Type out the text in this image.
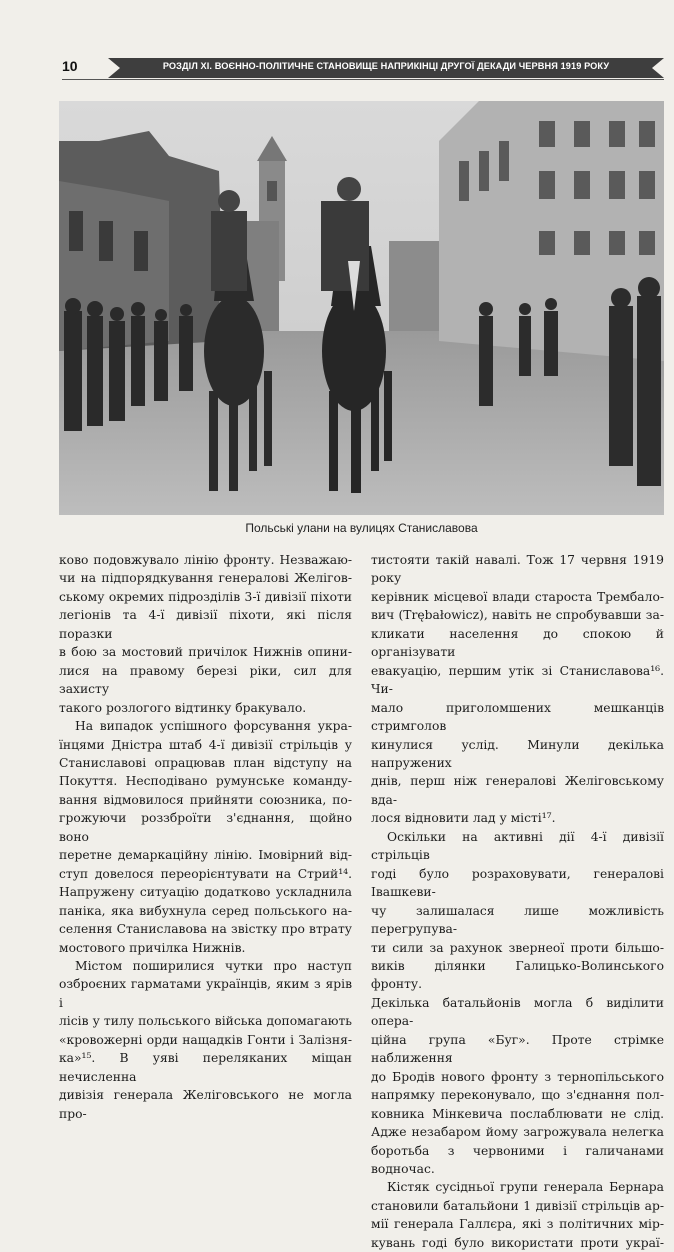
10	РОЗДІЛ ХІ. ВОЄННО-ПОЛІТИЧНЕ СТАНОВИЩЕ НАПРИКІНЦІ ДРУГОЇ ДЕКАДИ ЧЕРВНЯ 1919 РОКУ
Польські улани на вулицях Станиславова

ково подовжувало лінію фронту. Незважаю-

чи на підпорядкування генералові Желігов-

ському окремих підрозділів 3-ї дивізії піхоти

легіонів та 4-ї дивізії піхоти, які після поразки

в бою за мостовий причілок Нижнів опини-

лися на правому березі ріки, сил для захисту

такого розлогого відтинку бракувало.

На випадок успішного форсування укра-

їнцями Дністра штаб 4-ї дивізії стрільців у

Станиславові опрацював план відступу на

Покуття. Несподівано румунське команду-

вання відмовилося прийняти союзника, по-

грожуючи роззброїти з'єднання, щойно воно

перетне демаркаційну лінію. Імовірний від-

ступ довелося переорієнтувати на Стрий¹⁴.

Напружену ситуацію додатково ускладнила

паніка, яка вибухнула серед польського на-

селення Станиславова на звістку про втрату

мостового причілка Нижнів.

Містом поширилися чутки про наступ

озброєних гарматами українців, яким з ярів і

лісів у тилу польського війська допомагають

«кровожерні орди нащадків Гонти і Залізня-

ка»¹⁵. В уяві переляканих міщан нечисленна

дивізія генерала Желіговського не могла про-

тистояти такій навалі. Тож 17 червня 1919 року

керівник місцевої влади староста Трембало-

вич (Trębałowicz), навіть не спробувавши за-

кликати населення до спокою й організувати

евакуацію, першим утік зі Станиславова¹⁶. Чи-

мало приголомшених мешканців стримголов

кинулися услід. Минули декілька напружених

днів, перш ніж генералові Желіговському вда-

лося відновити лад у місті¹⁷.

Оскільки на активні дії 4-ї дивізії стрільців

годі було розраховувати, генералові Івашкеви-

чу залишалася лише можливість перегрупува-

ти сили за рахунок звернеої проти більшо-

виків ділянки Галицько-Волинського фронту.

Декілька батальйонів могла б виділити опера-

ційна група «Буг». Проте стрімке наближення

до Бродів нового фронту з тернопільського

напрямку переконувало, що з'єднання пол-

ковника Мінкевича послаблювати не слід.

Адже незабаром йому загрожувала нелегка

боротьба з червоними і галичанами водночас.

Кістяк сусідньої групи генерала Бернара

становили батальйони 1 дивізії стрільців ар-

мії генерала Галлєра, які з політичних мір-

кувань годі було використати проти украї-
